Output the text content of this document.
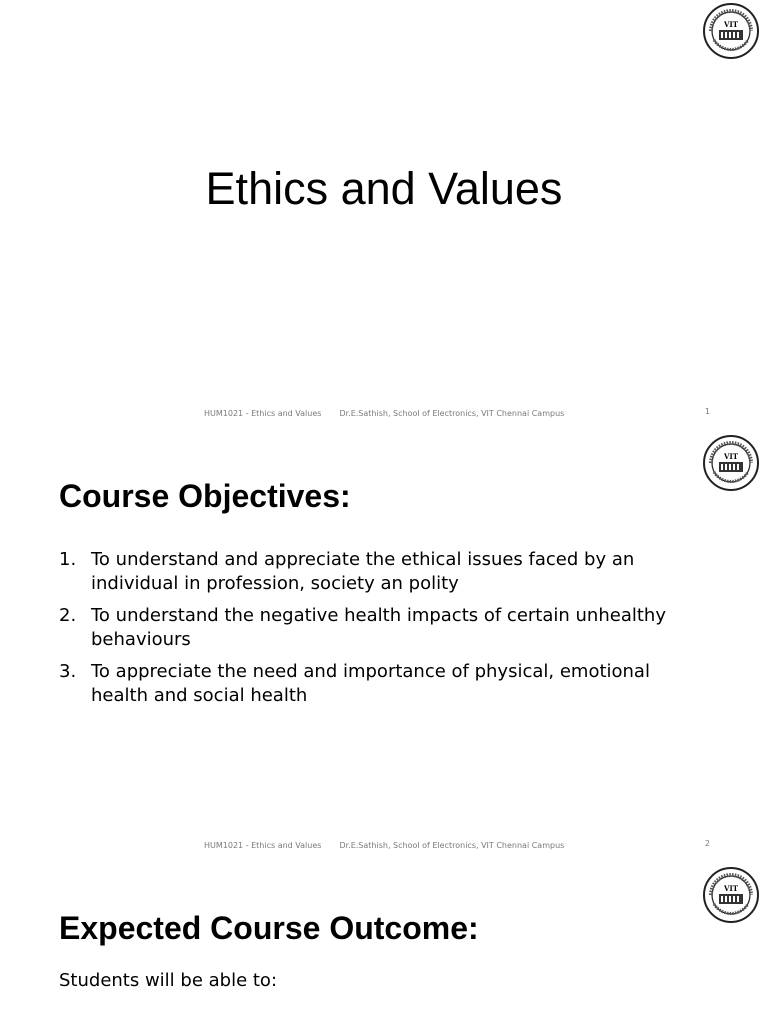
VIT
Ethics and Values
HUM1021 - Ethics and Values Dr.E.Sathish, School of Electronics, VIT Chennai Campus	1
VIT
Course Objectives:
1. To understand and appreciate the ethical issues faced by an individual in profession, society an polity
2. To understand the negative health impacts of certain unhealthy behaviours
3. To appreciate the need and importance of physical, emotional health and social health
HUM1021 - Ethics and Values Dr.E.Sathish, School of Electronics, VIT Chennai Campus	2
VIT
Expected Course Outcome:

Students will be able to:
